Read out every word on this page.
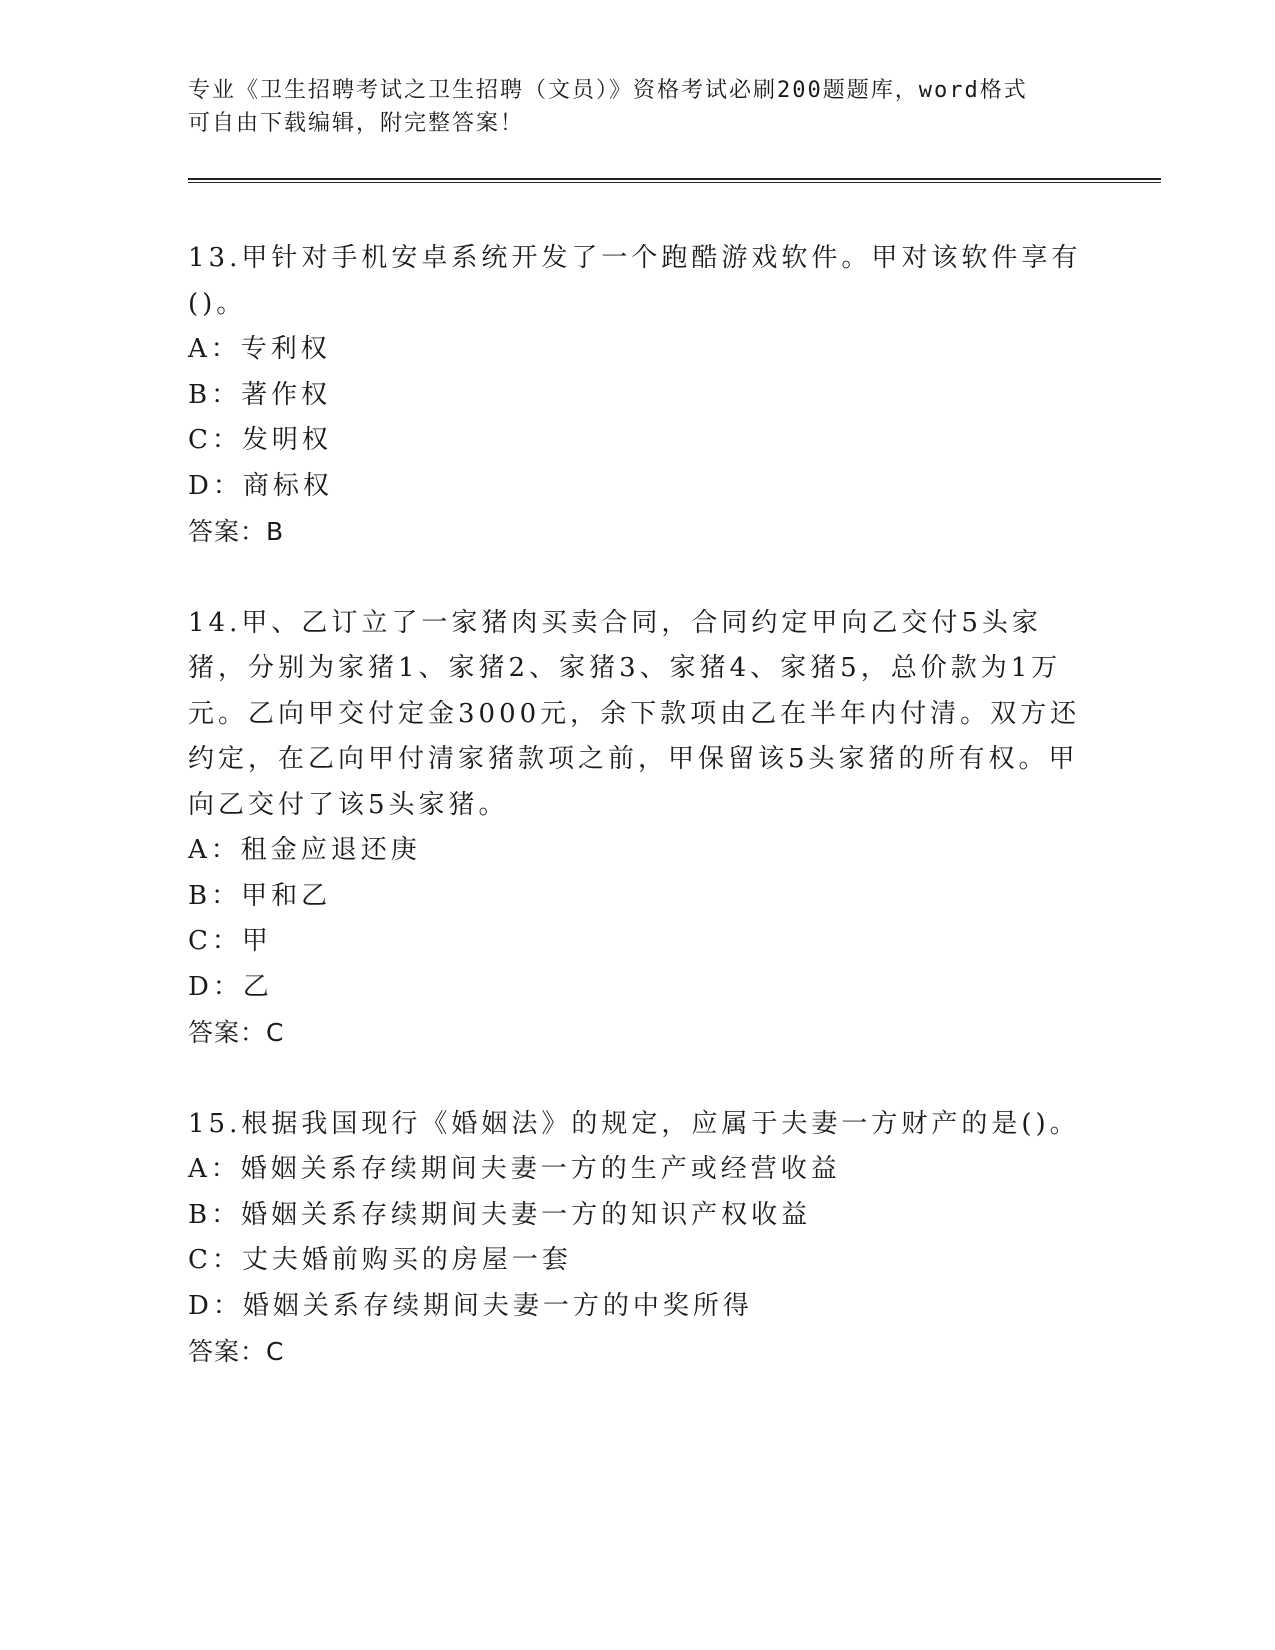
专业《卫生招聘考试之卫生招聘（文员）》资格考试必刷200题题库，word格式
可自由下载编辑，附完整答案！
13.甲针对手机安卓系统开发了一个跑酷游戏软件。甲对该软件享有()。
A：专利权
B：著作权
C：发明权
D：商标权
答案：B
14.甲、乙订立了一家猪肉买卖合同，合同约定甲向乙交付5头家猪，分别为家猪1、家猪2、家猪3、家猪4、家猪5，总价款为1万元。乙向甲交付定金3000元，余下款项由乙在半年内付清。双方还约定，在乙向甲付清家猪款项之前，甲保留该5头家猪的所有权。甲向乙交付了该5头家猪。
A：租金应退还庚
B：甲和乙
C：甲
D：乙
答案：C
15.根据我国现行《婚姻法》的规定，应属于夫妻一方财产的是()。
A：婚姻关系存续期间夫妻一方的生产或经营收益
B：婚姻关系存续期间夫妻一方的知识产权收益
C：丈夫婚前购买的房屋一套
D：婚姻关系存续期间夫妻一方的中奖所得
答案：C
